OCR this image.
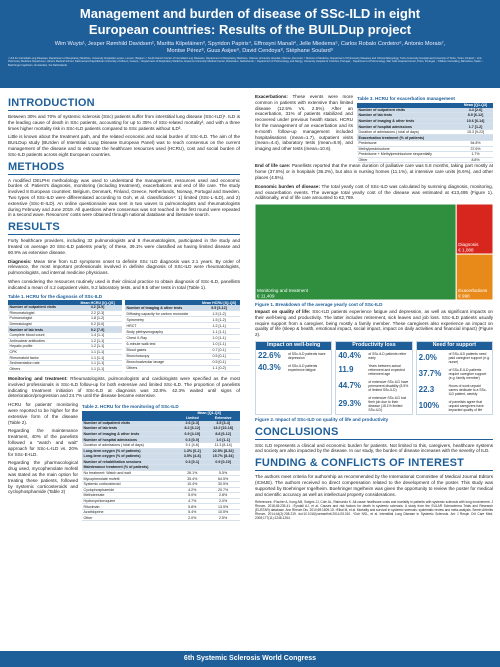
Management and burden of disease of SSc-ILD in eight
European countries: Results of the BUILDup project
Wim Wuyts¹, Jesper Rømhild Davidsen², Maritta Kilpeläinen³, Spyridon Papiris⁴, Effrosyni Manali⁴, Jelle Miedema⁵, Carlos Robalo Cordeiro⁶, Antonio Morais⁷,
Montse Pérez⁸, Guus Asijee⁹, David Cendoya⁸, Stéphane Soulard⁹
¹ Unit for Interstitial Lung Diseases, Department of Respiratory Medicine, University Hospitals Leuven, Leuven, Belgium; ² South Danish Center of Interstitial Lung Diseases, Department of Respiratory Medicine, Odense University Hospital, Odense, Denmark; ³ Division of Medicine, Department of Pulmonary Diseases and Clinical Allergology, Turku University Hospital and University of Turku, Turku, Finland; ⁴ 2nd Pulmonary Medicine Department, Athens Medical School, National and Kapodistrian University of Athens, Greece; ⁵ Department of Respiratory Medicine, Erasmus University Medical Center, Rotterdam, Netherlands; ⁶ Department of Pulmonology and Allergy, University Hospital of Coimbra, Portugal; ⁷ Department of Pulmonology, São João Hospital Center, Porto, Portugal; ⁸ Oblikue Consulting, Barcelona, Spain; ⁹ Boehringer Ingelheim, Amsterdam, the Netherlands
INTRODUCTION

Between 30% and 70% of systemic sclerosis (SSc) patients suffer from interstitial lung disease (SSc-ILD)¹. ILD is the leading cause of death in SSc patients, accounting for up to 35% of SSc-related mortality², and with a three times higher mortality risk in SSc-ILD patients compared to SSc patients without ILD³.

Little is known about the treatment path, and the related economic and social burden of SSc-ILD. The aim of the BUILDup study (BUrden of Interstitial Lung Disease European Panel) was to reach consensus on the current management of the disease and to estimate the healthcare resources used (HCRU), cost and social burden of SSc-ILD patients across eight European countries.

METHODS

A modified DELPHI methodology was used to understand the management, resources used and economic burden of. Patient's diagnosis, monitoring (including treatment), exacerbations and end of life care. The study involved 8 European countries: Belgium, Denmark, Finland, Greece, Netherlands, Norway, Portugal and Sweden. Two types of SSc-ILD were differentiated according to Goh, et al. classification⁴: 1) limited (SSc-L-ILD), and 2) extensive (SSc-E-ILD). An online questionnaire was sent in two waves to pulmonologists and rheumatologists during February and June 2019. All questions where consensus was not reached in the first round were repeated in a second wave. Resources' costs were obtained through national database and literature search.

RESULTS

Forty healthcare providers, including 32 pulmonologists and 8 rheumatologists, participated in the study and treated on average 20 SSc-ILD patients yearly; of these, 39.1% were classified as having limited disease and 60.9% as extensive disease.

Diagnosis: Mean time from ILD symptoms onset to definite SSc ILD diagnosis was 2.1 years. By order of relevance, the most important professionals involved in definite diagnosis of SSc-ILD were rheumatologists, pulmonologists, and internal medicine physicians.

When considering the resources routinely used in their clinical practice to obtain diagnosis of SSc-ILD, panellists indicated a mean of 4.2 outpatient visits, 9.2 laboratory tests, and 9.5 other tests in total (Table 1).

Table 1. HCRU for the diagnosis of SSc-ILD
	Mean HCRU [IQ-QS]
Number of outpatient visits	4.2 [3-5]
Rheumatologist	2.2 [2-3]
Pulmonologist	1.8 [1-2]
Dermatologist	0.2 [0-0]
Number of lab tests	9.2 [7-9]
Complete blood count	1.4 [1-1]
Antinuclear antibodies	1.2 [1-1]
Hepatic profile	1.2 [1-1]
CPK	1.1 [1-1]
Rheumatoid factor	1.1 [1-1]
Sedimentation rate	1.1 [1-1]
Others	1.1 [1-1]
	Mean HCRU [IQ-QS]
Number of imaging & other tests	9.5 [6-12]
Diffusing capacity for carbon monoxide	1.5 [1-2]
Spirometry	1.5 [1-2]
HRCT	1.2 [1-1]
Body plethysmography	1.1 [1-1]
Chest X-Ray	1.0 [1-1]
6-minute walk test	1.0 [1-1]
Blood gases	0.7 [0-1]
Bronchoscopy	0.5 [0-1]
Bronchoalveolar lavage	0.5 [0-1]
Others	1.1 [0-2]

Monitoring and treatment: Rheumatologists, pulmonologists and cardiologists were specified as the most involved professionals in SSc-ILD follow-up for both extensive and limited SSc-ILD. The proportion of panelists indicating treatment initiation of SSc-ILD at diagnosis was 32.8%. 42.3% waited until signs of deterioration/progression and 24.7% until the disease became extensive.

HCRU for patients' monitoring were reported to be higher for the extensive form of the disease (Table 2).

Regarding the maintenance treatment, 40% of the panelists followed a "watch and wait" approach for SSc-L-ILD vs. 20% for SSc-E-ILD.

Regarding the pharmacological drug used, mycophenolate mofetil was stated as the main option for treating these patients, followed by systemic corticosteroids and cyclophosphamide (Table 2)

Table 2. HCRU for the monitoring of SSc-ILD
	Mean [Q1-Q3]	
	Limited	Extensive
Number of outpatient visits	2.6 [2-3]	3.5 [3-4]
Number of lab tests	8.2 [6-12]	13.2 [10-18]
Number of imaging & other tests	6.9 [4-10]	8.8 [6-12]
Number of hospital admissions	0.3 [0-0]	1.0 [1-1]
Duration of admissions ( total of days)	5.1 [4-6]	11.3 [8-14]
Long-term oxygen (% of patients)	1.3% [0-2]	22.5% [8-32]
Long-term oxygen (% of patients)	3.5% [4-8]	15.7% [8-34]
Number of rehabilitation sessions	0.3 [0-1]	0.9 [0-10]
Maintenance treatment (% of patients)		
No treatment: Watch and wait	26.1%	5.5%
Mycophenolate mofetil	35.4%	64.5%
Systemic corticosteroid	10.4%	30.5%
Cyclophosphamide	4.2%	20.7%
Methotrexate	5.0%	2.8%
Hydroxychloroquine	4.7%	2.0%
Rituximab	5.8%	13.5%
Azathioprine	5.4%	10.5%
Other	2.0%	2.5%

Exacerbations: These events were more common in patients with extensive than limited disease (12.5% Vs. 2.5%). After an exacerbation, 31% of patients stabilized and recovered under previous health status. HCRU for the management of an exacerbation and its 6-month follow-up management included hospitalisations (mean=1.7), outpatient visits (mean=4.4), laboratory tests (mean=8.9), and imaging and other tests (mean=10.6).

Table 3. HCRU for exacerbation management
	Mean [Q1-Q3]
Number of outpatient visits	4.4 [2-6]
Number of lab tests	8.9 [6-12]
Number of imaging & other tests	10.6 [6-14]
Number of hospital admissions	1.7 [1-2]
Duration of admissions ( total of days)	15.3 [9-22]
Exacerbation treatment (% of patients)	
Prednisone	54.8%
Methylprednisolone	37.6%
Prednisone + Methylprednisolone sequentially	1.7%
Other	8.8%

End of life care: Panellists reported that the mean duration of palliative care was 5.8 months, taking part mostly at home (37.8%) or in hospitals (36.2%), but also in nursing homes (11.1%), at intensive care units (6.6%), and other places (4.5%).

Economic burden of disease: The total yearly cost of SSc-ILD was calculated by summing diagnosis, monitoring, and exacerbation events. The average total yearly cost of the disease was estimated at €13,495 (Figure 1). Additionally, end of life care amounted to €2,769.

Monitoring and treatment
€ 11,409
Diagnosis
€ 1,088
Exacerbations
€ 998
Figure 1. Breakdown of the average yearly cost of SSc-ILD

Impact on quality of life: SSc-ILD patients experience fatigue and depression, as well as significant impacts on their well-being and productivity. The latter includes retirement, sick leaves and job loss. SSc-ILD patients usually require support from a caregiver, being mostly a family member. These caregivers also experience an impact on quality of life (sleep & health, emotional impact, social impact, impact on daily activities and financial impact) (Figure 2).

Impact on well-being
22.6%	of SSc-ILD patients have depression
40.3%	of SSc-ILD patients experience fatigue
Productivity loss
40.4%	of SSc-ILD patients retire early
11.9	Years between actual retirement and expected retirement age
44.7%	of extensive SSc-ILD have permanent disability (8.5% of limited SSc-ILD)
29.3%
of extensive SSc-ILD lost their job due to their disease (18.1% limited SSc-ILD)
Need for support
2.0%	of SSc-ILD patients need paid caregiver support (e.g. nurse)
37.7%	of SSc-E-ILD patients require caregiver support (e.g. family member)
22.3	Hours of work unpaid carers dedicate to a SSc-ILD patient, weekly
100%	of panelists agree that unpaid caregivers have impacted quality of life
Figure 2. Impact of SSc-ILD on quality of life and productivity
CONCLUSIONS

SSc ILD represents a clinical and economic burden for patients. Not limited to this, caregivers, healthcare systems and society are also impacted by the disease. In our study, the burden of disease increases with the severity of ILD.

FUNDING & CONFLICTS OF INTEREST

The authors meet criteria for authorship as recommended by the International Committee of Medical Journal Editors (ICMJE). The authors received no direct compensation related to the development of the poster. This study was supported by Boehringer Ingelheim. Boehringer Ingelheim was given the opportunity to review the poster for medical and scientific accuracy as well as intellectual property considerations.

References: ¹Fischer A, Kong AM, Swigris JJ, Cole AL, Raimundo K. All-cause healthcare costs and mortality in patients with systemic sclerosis with lung involvement. J Rheum. 2018;45:235-41. ²Tyndall AJ, et al. Causes and risk factors for death in systemic sclerosis: A study from the EULAR Scleroderma Trials and Research (EUSTAR) database. Ann Rheum Dis. 2010;69:1809-15. ³Elhai M, et al. Mortality and survival in systemic sclerosis: systematic review and meta-analysis. Semin Arthritis Rheum. 2014;44(2):208-219. doi:10.1016/j.semarthrit.2014.05.010. ⁴Goh NSL, et al. Interstitial Lung Disease in Systemic Sclerosis. Am J Respir Crit Care Med. 2008;177(11):1248-1254.
6th Systemic Sclerosis World Congress
